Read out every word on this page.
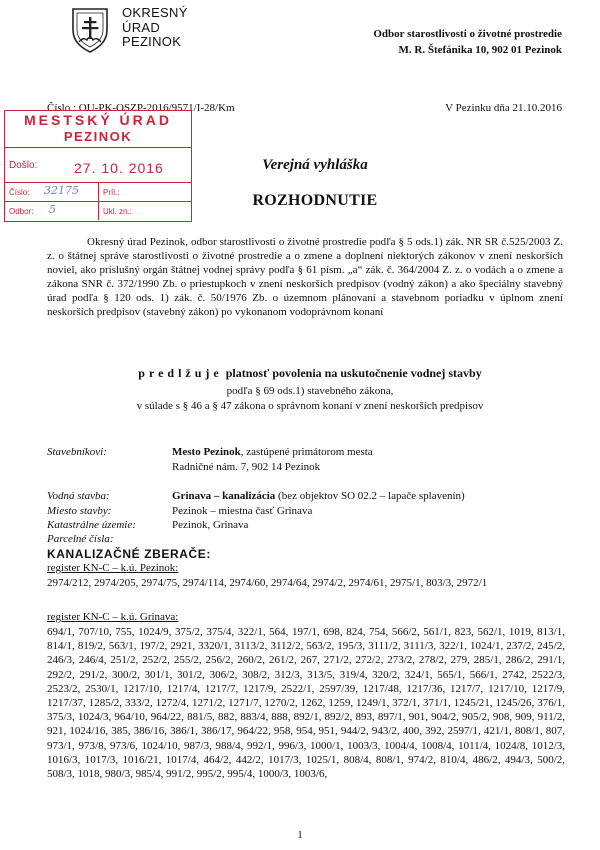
OKRESNÝ
ÚRAD
PEZINOK	Odbor starostlivosti o životné prostredie
M. R. Štefánika 10, 902 01 Pezinok
Číslo : OU-PK-OSZP-2016/9571/I-28/Km	V Pezinku dňa 21.10.2016
MESTSKÝ ÚRAD
PEZINOK
Došlo:	27. 10. 2016
Číslo: 32175	Príl.:
Odbor: 5	Ukl. zn.:
Verejná vyhláška
ROZHODNUTIE
Okresný úrad Pezinok, odbor starostlivosti o životné prostredie podľa § 5 ods.1) zák. NR SR č.525/2003 Z. z. o štátnej správe starostlivosti o životné prostredie a o zmene a doplnení niektorých zákonov v znení neskorších noviel, ako príslušný orgán štátnej vodnej správy podľa § 61 písm. „a“ zák. č. 364/2004 Z. z. o vodách a o zmene a zákona SNR č. 372/1990 Zb. o priestupkoch v znení neskorších predpisov (vodný zákon) a ako špeciálny stavebný úrad podľa § 120 ods. 1) zák. č. 50/1976 Zb. o územnom plánovaní a stavebnom poriadku v úplnom znení neskorších predpisov (stavebný zákon) po vykonanom vodoprávnom konaní
predlžuje platnosť povolenia na uskutočnenie vodnej stavby
podľa § 69 ods.1) stavebného zákona,
v súlade s § 46 a § 47 zákona o správnom konaní v znení neskorších predpisov
Stavebníkovi:	Mesto Pezinok, zastúpené primátorom mesta
Radničné nám. 7, 902 14 Pezinok
Vodná stavba:	Grinava – kanalizácia (bez objektov SO 02.2 – lapače splavenín)
Miesto stavby:	Pezinok – miestna časť Grinava
Katastrálne územie:	Pezinok, Grinava
Parcelné čísla:
KANALIZAČNÉ ZBERAČE:
register KN-C – k.ú. Pezinok:
2974/212, 2974/205, 2974/75, 2974/114, 2974/60, 2974/64, 2974/2, 2974/61, 2975/1, 803/3, 2972/1
register KN-C – k.ú. Grinava:
694/1, 707/10, 755, 1024/9, 375/2, 375/4, 322/1, 564, 197/1, 698, 824, 754, 566/2, 561/1, 823, 562/1, 1019, 813/1, 814/1, 819/2, 563/1, 197/2, 2921, 3320/1, 3113/2, 3112/2, 563/2, 195/3, 3111/2, 3111/3, 322/1, 1024/1, 237/2, 245/2, 246/3, 246/4, 251/2, 252/2, 255/2, 256/2, 260/2, 261/2, 267, 271/2, 272/2, 273/2, 278/2, 279, 285/1, 286/2, 291/1, 292/2, 291/2, 300/2, 301/1, 301/2, 306/2, 308/2, 312/3, 313/5, 319/4, 320/2, 324/1, 565/1, 566/1, 2742, 2522/3, 2523/2, 2530/1, 1217/10, 1217/4, 1217/7, 1217/9, 2522/1, 2597/39, 1217/48, 1217/36, 1217/7, 1217/10, 1217/9, 1217/37, 1285/2, 333/2, 1272/4, 1271/2, 1271/7, 1270/2, 1262, 1259, 1249/1, 372/1, 371/1, 1245/21, 1245/26, 376/1, 375/3, 1024/3, 964/10, 964/22, 881/5, 882, 883/4, 888, 892/1, 892/2, 893, 897/1, 901, 904/2, 905/2, 908, 909, 911/2, 921, 1024/16, 385, 386/16, 386/1, 386/17, 964/22, 958, 954, 951, 944/2, 943/2, 400, 392, 2597/1, 421/1, 808/1, 807, 973/1, 973/8, 973/6, 1024/10, 987/3, 988/4, 992/1, 996/3, 1000/1, 1003/3, 1004/4, 1008/4, 1011/4, 1024/8, 1012/3, 1016/3, 1017/3, 1016/21, 1017/4, 464/2, 442/2, 1017/3, 1025/1, 808/4, 808/1, 974/2, 810/4, 486/2, 494/3, 500/2, 508/3, 1018, 980/3, 985/4, 991/2, 995/2, 995/4, 1000/3, 1003/6,
1
